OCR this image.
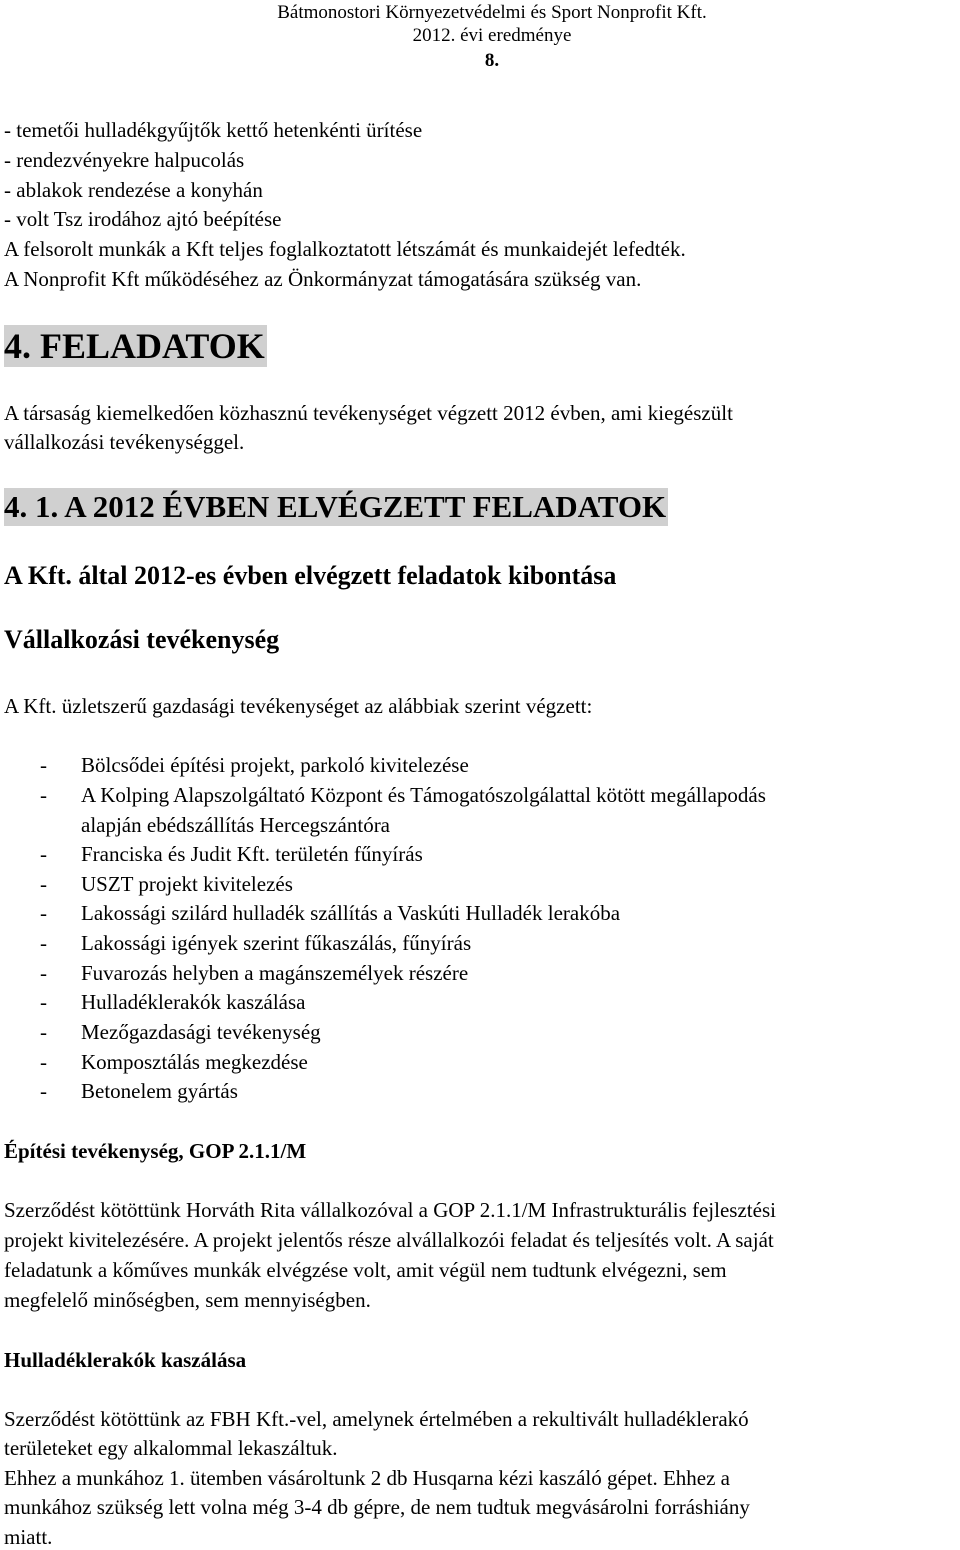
Bátmonostori Környezetvédelmi és Sport Nonprofit Kft.
2012. évi eredménye
8.
- temetői hulladékgyűjtők kettő hetenkénti ürítése
- rendezvényekre halpucolás
- ablakok rendezése a konyhán
- volt Tsz irodához ajtó beépítése
A felsorolt munkák a Kft teljes foglalkoztatott létszámát és munkaidejét lefedték.
A Nonprofit Kft működéséhez az Önkormányzat támogatására szükség van.
4. FELADATOK
A társaság kiemelkedően közhasznú tevékenységet végzett 2012 évben, ami kiegészült
vállalkozási tevékenységgel.
4. 1. A 2012 ÉVBEN ELVÉGZETT FELADATOK
A Kft. által 2012-es évben elvégzett feladatok kibontása
Vállalkozási tevékenység
A Kft. üzletszerű gazdasági tevékenységet az alábbiak szerint végzett:
- Bölcsődei építési projekt, parkoló kivitelezése
- A Kolping Alapszolgáltató Központ és Támogatószolgálattal kötött megállapodás
alapján ebédszállítás Hercegszántóra
- Franciska és Judit Kft. területén fűnyírás
- USZT projekt kivitelezés
- Lakossági szilárd hulladék szállítás a Vaskúti Hulladék lerakóba
- Lakossági igények szerint fűkaszálás, fűnyírás
- Fuvarozás helyben a magánszemélyek részére
- Hulladéklerakók kaszálása
- Mezőgazdasági tevékenység
- Komposztálás megkezdése
- Betonelem gyártás
Építési tevékenység, GOP 2.1.1/M
Szerződést kötöttünk Horváth Rita vállalkozóval a GOP 2.1.1/M Infrastrukturális fejlesztési
projekt kivitelezésére. A projekt jelentős része alvállalkozói feladat és teljesítés volt. A saját
feladatunk a kőműves munkák elvégzése volt, amit végül nem tudtunk elvégezni, sem
megfelelő minőségben, sem mennyiségben.
Hulladéklerakók kaszálása
Szerződést kötöttünk az FBH Kft.-vel, amelynek értelmében a rekultivált hulladéklerakó
területeket egy alkalommal lekaszáltuk.
Ehhez a munkához 1. ütemben vásároltunk 2 db Husqarna kézi kaszáló gépet. Ehhez a
munkához szükség lett volna még 3-4 db gépre, de nem tudtuk megvásárolni forráshiány
miatt.
